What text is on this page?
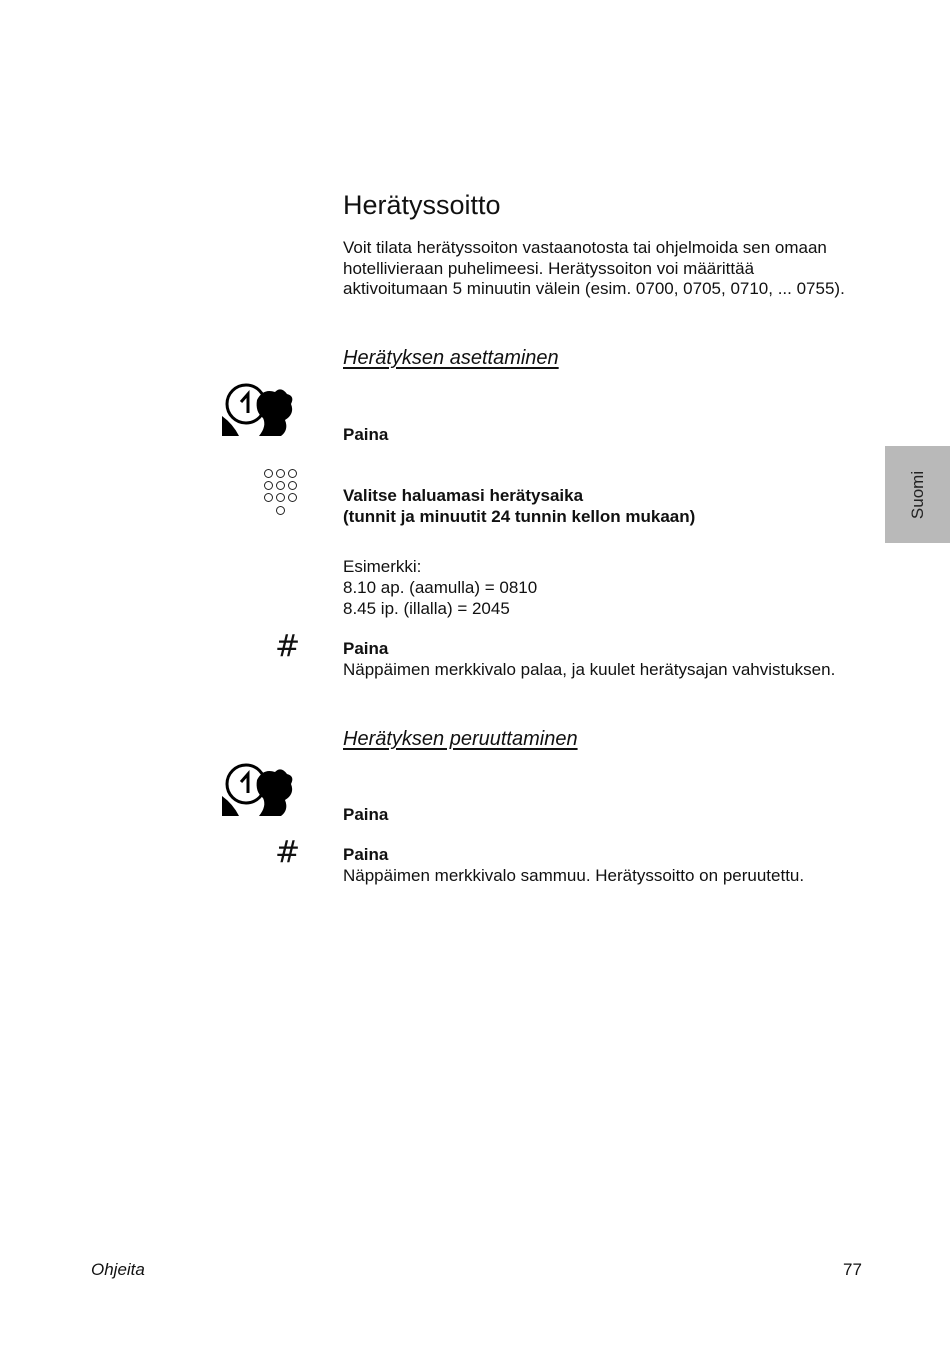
Herätyssoitto
Voit tilata herätyssoiton vastaanotosta tai ohjelmoida sen omaan
hotellivieraan puhelimeesi. Herätyssoiton voi määrittää
aktivoitumaan 5 minuutin välein (esim. 0700, 0705, 0710, ... 0755).
Herätyksen asettaminen
Paina
Valitse haluamasi herätysaika
(tunnit ja minuutit 24 tunnin kellon mukaan)
Esimerkki:
8.10 ap. (aamulla) = 0810
8.45 ip. (illalla) = 2045
#	Paina
Näppäimen merkkivalo palaa, ja kuulet herätysajan vahvistuksen.
Herätyksen peruuttaminen
Paina
#	Paina
Näppäimen merkkivalo sammuu. Herätyssoitto on peruutettu.
Suomi
Ohjeita	77
